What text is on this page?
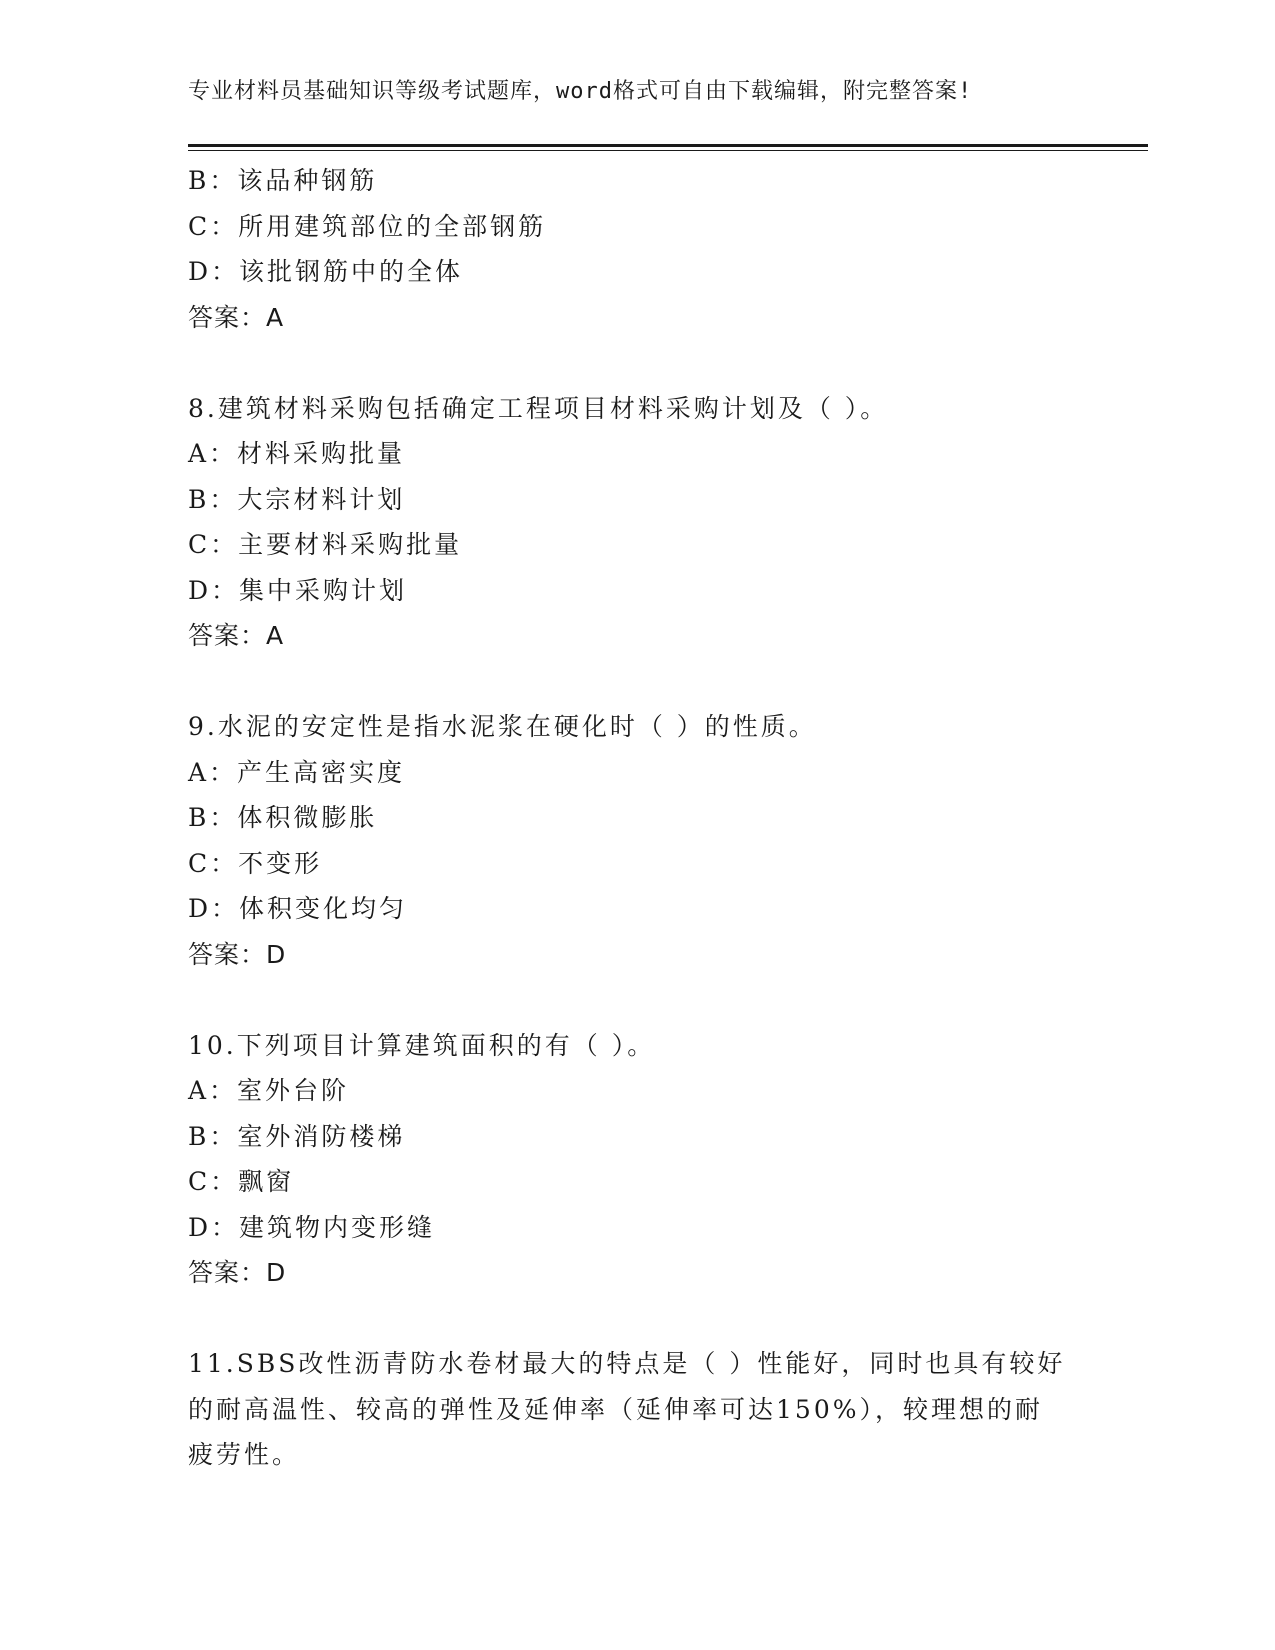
专业材料员基础知识等级考试题库，word格式可自由下载编辑，附完整答案!
B：该品种钢筋
C：所用建筑部位的全部钢筋
D：该批钢筋中的全体
答案：A
8.建筑材料采购包括确定工程项目材料采购计划及（ ）。
A：材料采购批量
B：大宗材料计划
C：主要材料采购批量
D：集中采购计划
答案：A
9.水泥的安定性是指水泥浆在硬化时（ ）的性质。
A：产生高密实度
B：体积微膨胀
C：不变形
D：体积变化均匀
答案：D
10.下列项目计算建筑面积的有（ ）。
A：室外台阶
B：室外消防楼梯
C：飘窗
D：建筑物内变形缝
答案：D
11.SBS改性沥青防水卷材最大的特点是（ ）性能好，同时也具有较好
的耐高温性、较高的弹性及延伸率（延伸率可达150%），较理想的耐
疲劳性。
